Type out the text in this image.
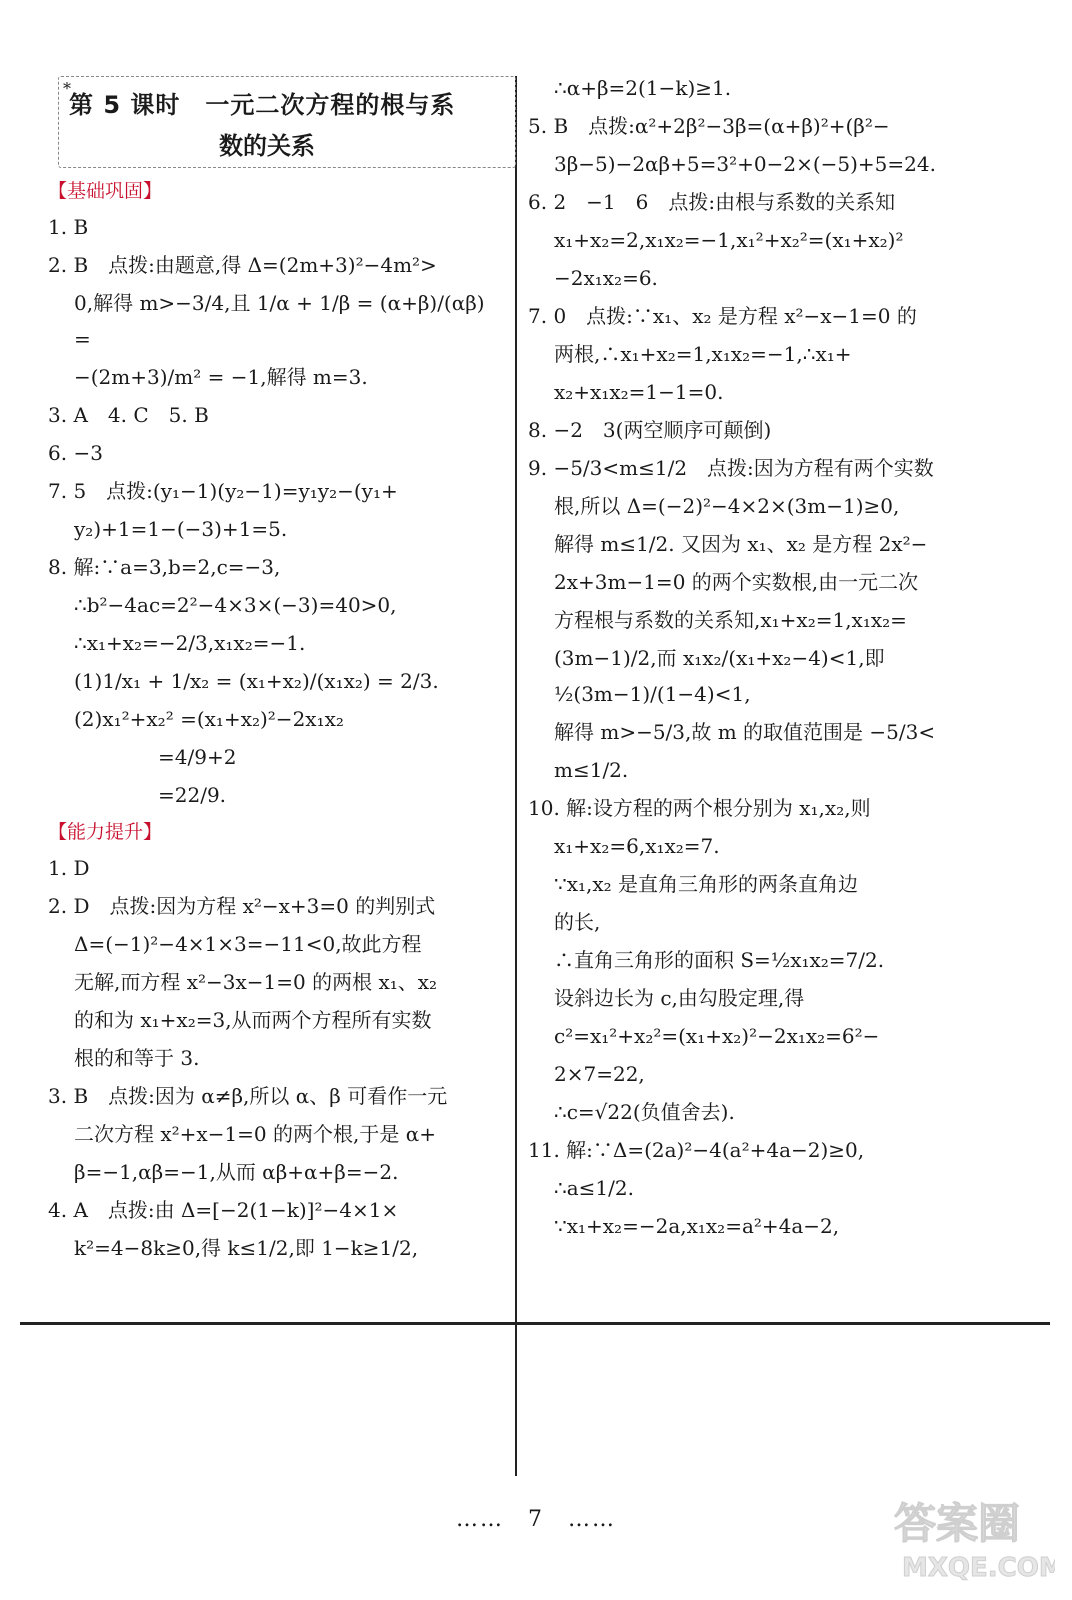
*
第 5 课时　一元二次方程的根与系
数的关系
【基础巩固】
1. B
2. B　点拨:由题意,得 Δ=(2m+3)²−4m²>
0,解得 m>−3/4,且 1/α + 1/β = (α+β)/(αβ) =
−(2m+3)/m² = −1,解得 m=3.
3. A　4. C　5. B
6. −3
7. 5　点拨:(y₁−1)(y₂−1)=y₁y₂−(y₁+
y₂)+1=1−(−3)+1=5.
8. 解:∵a=3,b=2,c=−3,
∴b²−4ac=2²−4×3×(−3)=40>0,
∴x₁+x₂=−2/3,x₁x₂=−1.
(1)1/x₁ + 1/x₂ = (x₁+x₂)/(x₁x₂) = 2/3.
(2)x₁²+x₂² =(x₁+x₂)²−2x₁x₂
=4/9+2
=22/9.
【能力提升】
1. D
2. D　点拨:因为方程 x²−x+3=0 的判别式
Δ=(−1)²−4×1×3=−11<0,故此方程
无解,而方程 x²−3x−1=0 的两根 x₁、x₂
的和为 x₁+x₂=3,从而两个方程所有实数
根的和等于 3.
3. B　点拨:因为 α≠β,所以 α、β 可看作一元
二次方程 x²+x−1=0 的两个根,于是 α+
β=−1,αβ=−1,从而 αβ+α+β=−2.
4. A　点拨:由 Δ=[−2(1−k)]²−4×1×
k²=4−8k≥0,得 k≤1/2,即 1−k≥1/2,
∴α+β=2(1−k)≥1.
5. B　点拨:α²+2β²−3β=(α+β)²+(β²−
3β−5)−2αβ+5=3²+0−2×(−5)+5=24.
6. 2　−1　6　点拨:由根与系数的关系知
x₁+x₂=2,x₁x₂=−1,x₁²+x₂²=(x₁+x₂)²
−2x₁x₂=6.
7. 0　点拨:∵x₁、x₂ 是方程 x²−x−1=0 的
两根,∴x₁+x₂=1,x₁x₂=−1,∴x₁+
x₂+x₁x₂=1−1=0.
8. −2　3(两空顺序可颠倒)
9. −5/3<m≤1/2　点拨:因为方程有两个实数
根,所以 Δ=(−2)²−4×2×(3m−1)≥0,
解得 m≤1/2. 又因为 x₁、x₂ 是方程 2x²−
2x+3m−1=0 的两个实数根,由一元二次
方程根与系数的关系知,x₁+x₂=1,x₁x₂=
(3m−1)/2,而 x₁x₂/(x₁+x₂−4)<1,即 ½(3m−1)/(1−4)<1,
解得 m>−5/3,故 m 的取值范围是 −5/3<
m≤1/2.
10. 解:设方程的两个根分别为 x₁,x₂,则
x₁+x₂=6,x₁x₂=7.
∵x₁,x₂ 是直角三角形的两条直角边
的长,
∴直角三角形的面积 S=½x₁x₂=7/2.
设斜边长为 c,由勾股定理,得
c²=x₁²+x₂²=(x₁+x₂)²−2x₁x₂=6²−
2×7=22,
∴c=√22(负值舍去).
11. 解:∵Δ=(2a)²−4(a²+4a−2)≥0,
∴a≤1/2.
∵x₁+x₂=−2a,x₁x₂=a²+4a−2,
……　7　……	答案圈
MXQE.COM
